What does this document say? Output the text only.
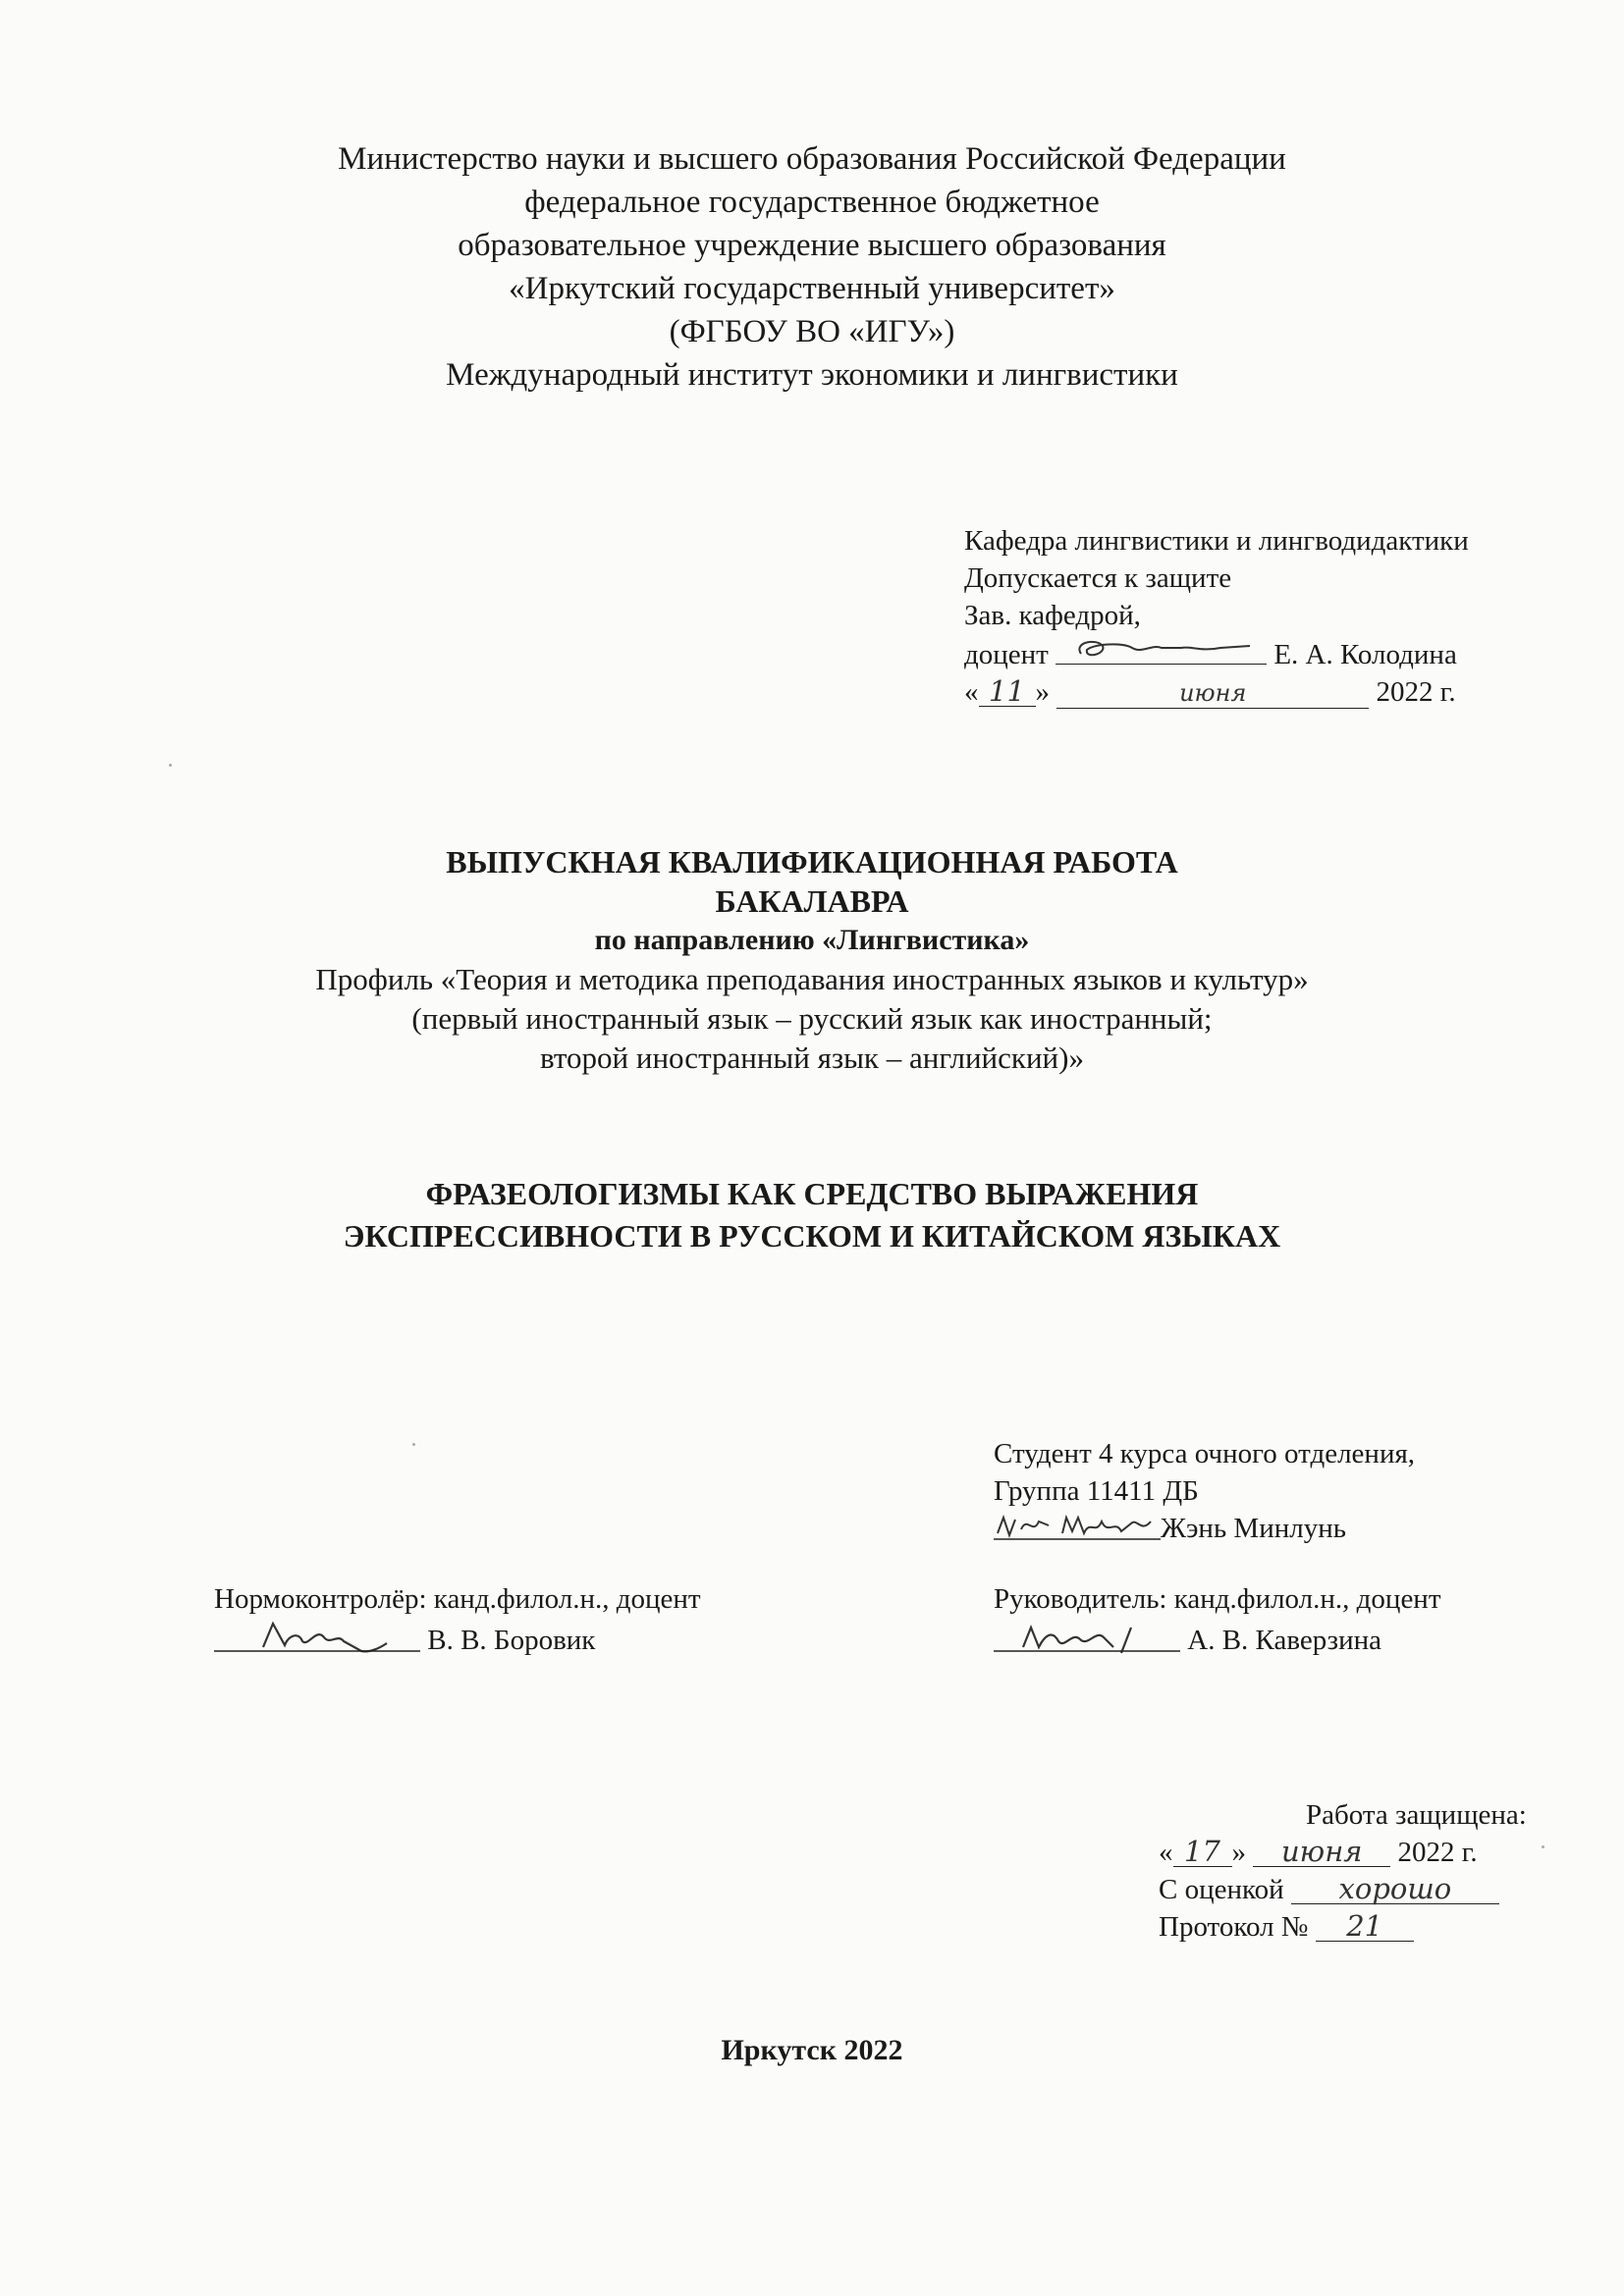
Министерство науки и высшего образования Российской Федерации
федеральное государственное бюджетное
образовательное учреждение высшего образования
«Иркутский государственный университет»
(ФГБОУ ВО «ИГУ»)
Международный институт экономики и лингвистики
Кафедра лингвистики и лингводидактики
Допускается к защите
Зав. кафедрой,
доцент	Е. А. Колодина
« 11 »	июня	2022 г.
ВЫПУСКНАЯ КВАЛИФИКАЦИОННАЯ РАБОТА
БАКАЛАВРА
по направлению «Лингвистика»
Профиль «Теория и методика преподавания иностранных языков и культур»
(первый иностранный язык – русский язык как иностранный;
второй иностранный язык – английский)»
ФРАЗЕОЛОГИЗМЫ КАК СРЕДСТВО ВЫРАЖЕНИЯ
ЭКСПРЕССИВНОСТИ В РУССКОМ И КИТАЙСКОМ ЯЗЫКАХ
Студент 4 курса очного отделения,
Группа 11411 ДБ
Жэнь Минлунь
Нормоконтролёр: канд.филол.н., доцент
В. В. Боровик
Руководитель: канд.филол.н., доцент
А. В. Каверзина
Работа защищена:
« 17 » июня 2022 г.
С оценкой хорошо
Протокол № 21
Иркутск 2022
